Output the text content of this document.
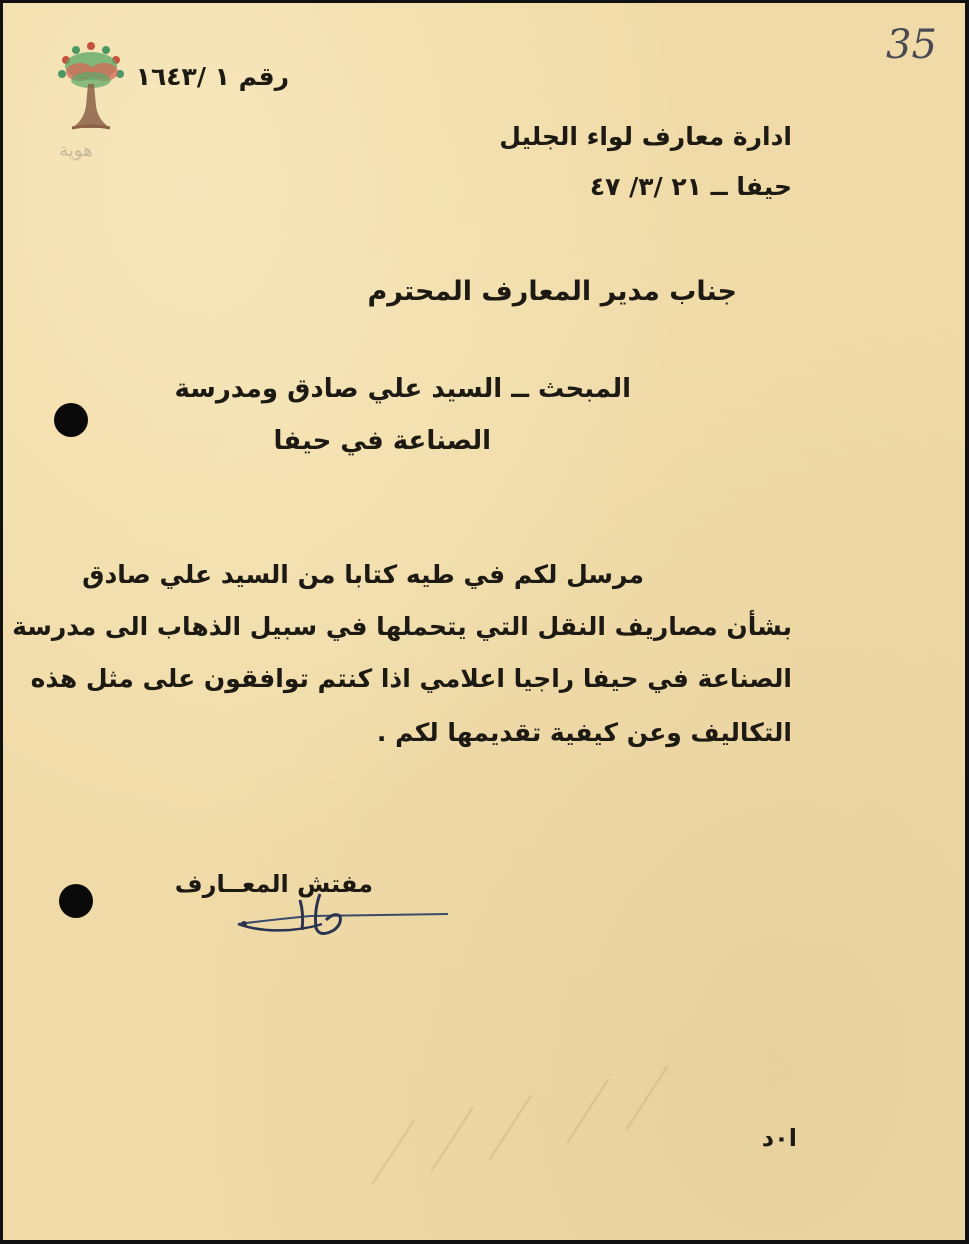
هوية
رقم ١ /١٦٤٣
35
ادارة معارف لواء الجليل
حيفا ــ ٢١ /٣/ ٤٧
جناب مدير المعارف المحترم
المبحث ــ السيد علي صادق ومدرسة
الصناعة في حيفا
مرسل لكم في طيه كتابا من السيد علي صادق
بشأن مصاريف النقل التي يتحملها في سبيل الذهاب الى مدرسة
الصناعة في حيفا راجيا اعلامي اذا كنتم توافقون على مثل هذه
التكاليف وعن كيفية تقديمها لكم .
مفتش المعــارف
／／／ ／／	ا٠د
